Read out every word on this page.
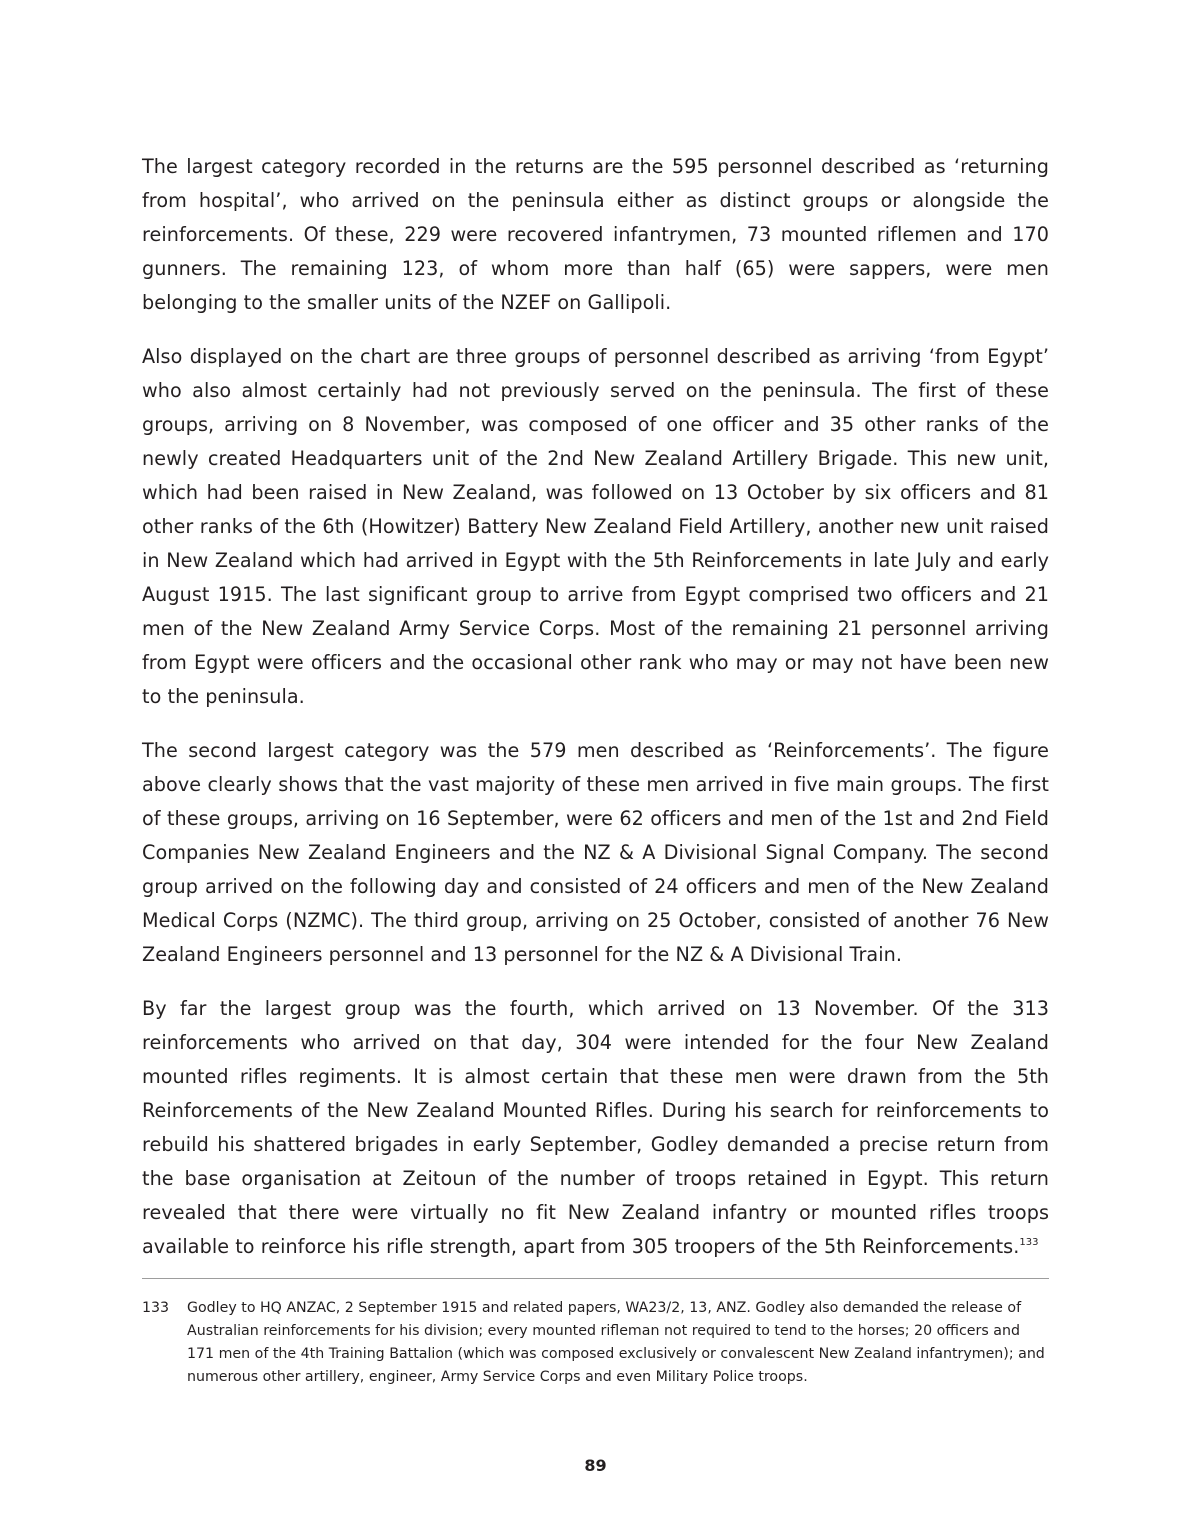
The largest category recorded in the returns are the 595 personnel described as ‘returning from hospital’, who arrived on the peninsula either as distinct groups or alongside the reinforcements. Of these, 229 were recovered infantrymen, 73 mounted riflemen and 170 gunners. The remaining 123, of whom more than half (65) were sappers, were men belonging to the smaller units of the NZEF on Gallipoli.

Also displayed on the chart are three groups of personnel described as arriving ‘from Egypt’ who also almost certainly had not previously served on the peninsula. The first of these groups, arriving on 8 November, was composed of one officer and 35 other ranks of the newly created Headquarters unit of the 2nd New Zealand Artillery Brigade. This new unit, which had been raised in New Zealand, was followed on 13 October by six officers and 81 other ranks of the 6th (Howitzer) Battery New Zealand Field Artillery, another new unit raised in New Zealand which had arrived in Egypt with the 5th Reinforcements in late July and early August 1915. The last significant group to arrive from Egypt comprised two officers and 21 men of the New Zealand Army Service Corps. Most of the remaining 21 personnel arriving from Egypt were officers and the occasional other rank who may or may not have been new to the peninsula.

The second largest category was the 579 men described as ‘Reinforcements’. The figure above clearly shows that the vast majority of these men arrived in five main groups. The first of these groups, arriving on 16 September, were 62 officers and men of the 1st and 2nd Field Companies New Zealand Engineers and the NZ & A Divisional Signal Company. The second group arrived on the following day and consisted of 24 officers and men of the New Zealand Medical Corps (NZMC). The third group, arriving on 25 October, consisted of another 76 New Zealand Engineers personnel and 13 personnel for the NZ & A Divisional Train.

By far the largest group was the fourth, which arrived on 13 November. Of the 313 reinforcements who arrived on that day, 304 were intended for the four New Zealand mounted rifles regiments. It is almost certain that these men were drawn from the 5th Reinforcements of the New Zealand Mounted Rifles. During his search for reinforcements to rebuild his shattered brigades in early September, Godley demanded a precise return from the base organisation at Zeitoun of the number of troops retained in Egypt. This return revealed that there were virtually no fit New Zealand infantry or mounted rifles troops available to reinforce his rifle strength, apart from 305 troopers of the 5th Reinforcements.$^{133}$

133 Godley to HQ ANZAC, 2 September 1915 and related papers, WA23/2, 13, ANZ. Godley also demanded the release of Australian reinforcements for his division; every mounted rifleman not required to tend to the horses; 20 officers and 171 men of the 4th Training Battalion (which was composed exclusively or convalescent New Zealand infantrymen); and numerous other artillery, engineer, Army Service Corps and even Military Police troops.
89
